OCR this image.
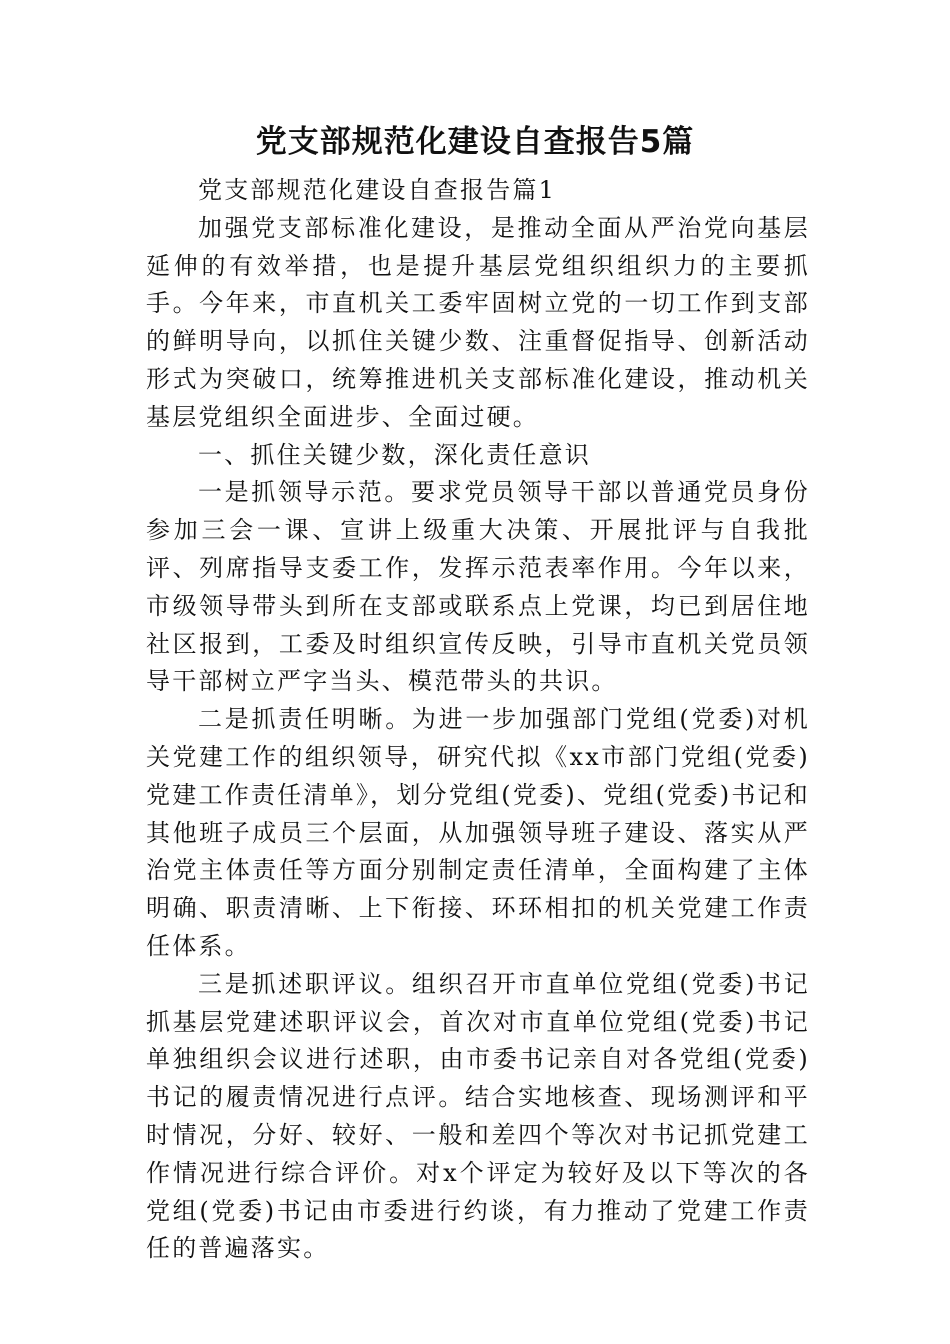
党支部规范化建设自查报告5篇

党支部规范化建设自查报告篇1

加强党支部标准化建设，是推动全面从严治党向基层延伸的有效举措，也是提升基层党组织组织力的主要抓手。今年来，市直机关工委牢固树立党的一切工作到支部的鲜明导向，以抓住关键少数、注重督促指导、创新活动形式为突破口，统筹推进机关支部标准化建设，推动机关基层党组织全面进步、全面过硬。

一、抓住关键少数，深化责任意识

一是抓领导示范。要求党员领导干部以普通党员身份参加三会一课、宣讲上级重大决策、开展批评与自我批评、列席指导支委工作，发挥示范表率作用。今年以来，市级领导带头到所在支部或联系点上党课，均已到居住地社区报到，工委及时组织宣传反映，引导市直机关党员领导干部树立严字当头、模范带头的共识。

二是抓责任明晰。为进一步加强部门党组(党委)对机关党建工作的组织领导，研究代拟《xx市部门党组(党委)党建工作责任清单》，划分党组(党委)、党组(党委)书记和其他班子成员三个层面，从加强领导班子建设、落实从严治党主体责任等方面分别制定责任清单，全面构建了主体明确、职责清晰、上下衔接、环环相扣的机关党建工作责任体系。

三是抓述职评议。组织召开市直单位党组(党委)书记抓基层党建述职评议会，首次对市直单位党组(党委)书记单独组织会议进行述职，由市委书记亲自对各党组(党委)书记的履责情况进行点评。结合实地核查、现场测评和平时情况，分好、较好、一般和差四个等次对书记抓党建工作情况进行综合评价。对x个评定为较好及以下等次的各党组(党委)书记由市委进行约谈，有力推动了党建工作责任的普遍落实。
